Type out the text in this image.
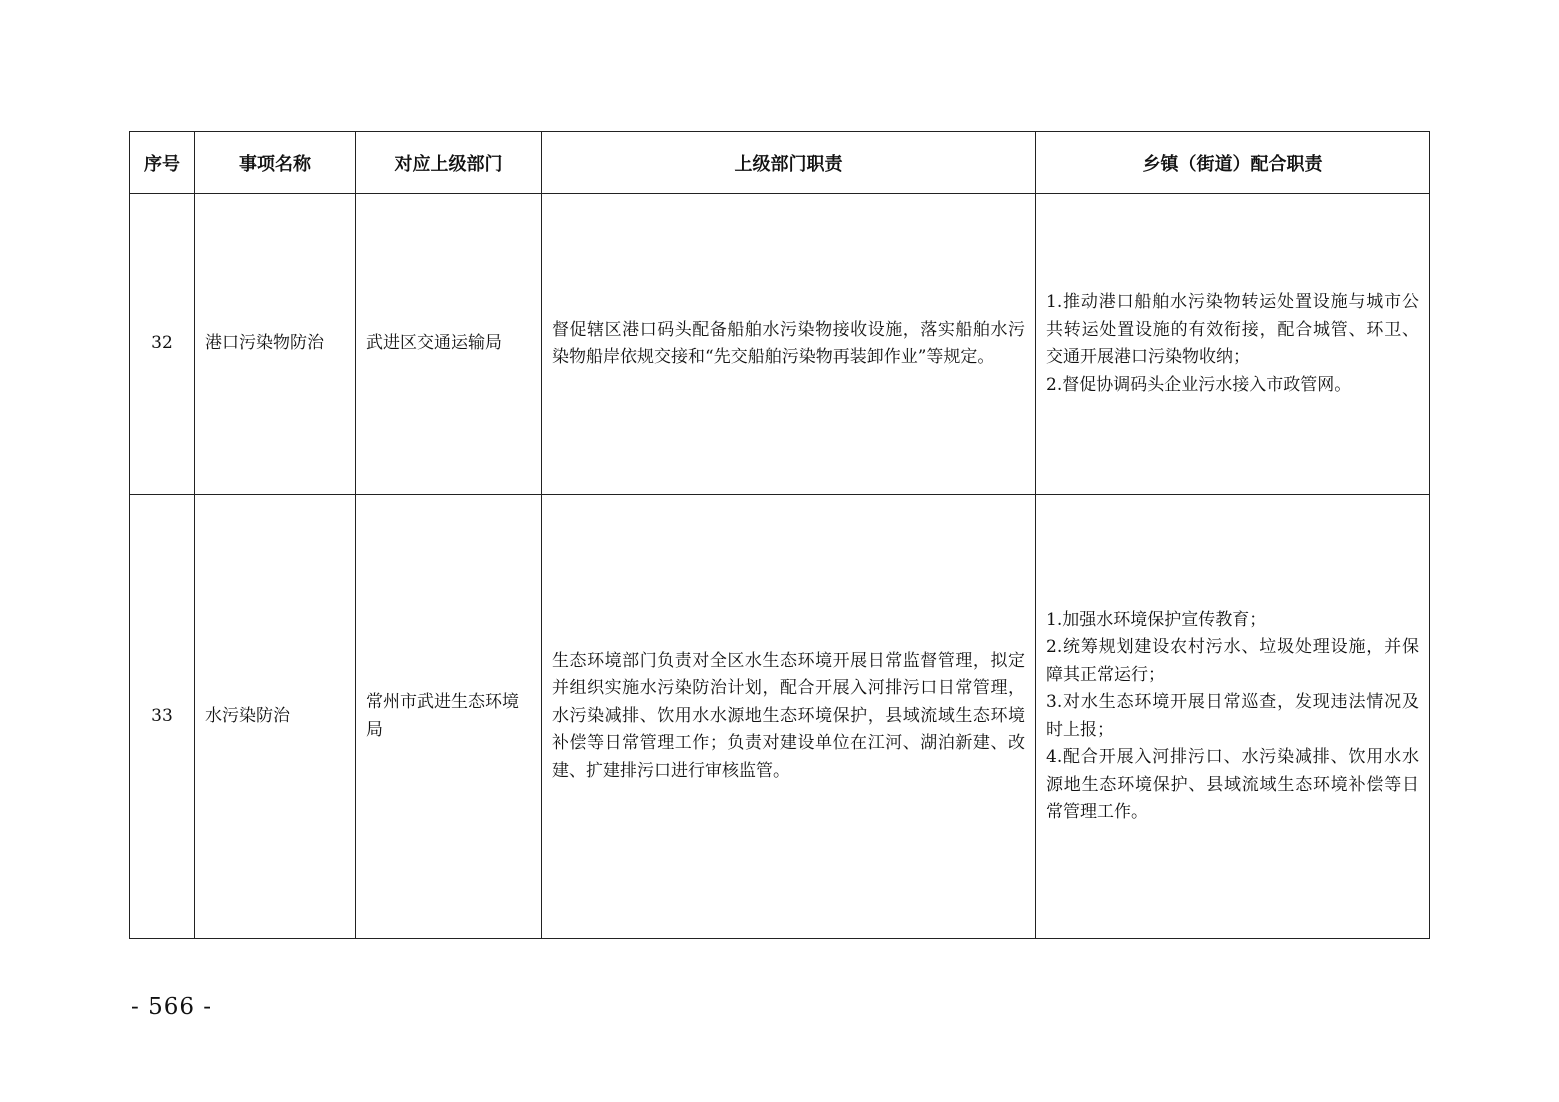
序号	事项名称	对应上级部门	上级部门职责	乡镇（街道）配合职责
32	港口污染物防治	武进区交通运输局	督促辖区港口码头配备船舶水污染物接收设施，落实船舶水污染物船岸依规交接和“先交船舶污染物再装卸作业”等规定。	1.推动港口船舶水污染物转运处置设施与城市公共转运处置设施的有效衔接，配合城管、环卫、交通开展港口污染物收纳；
2.督促协调码头企业污水接入市政管网。

33	水污染防治	常州市武进生态环境局	生态环境部门负责对全区水生态环境开展日常监督管理，拟定并组织实施水污染防治计划，配合开展入河排污口日常管理，水污染减排、饮用水水源地生态环境保护，县域流域生态环境补偿等日常管理工作；负责对建设单位在江河、湖泊新建、改建、扩建排污口进行审核监管。	1.加强水环境保护宣传教育；
2.统筹规划建设农村污水、垃圾处理设施，并保障其正常运行；
3.对水生态环境开展日常巡查，发现违法情况及时上报；
4.配合开展入河排污口、水污染减排、饮用水水源地生态环境保护、县域流域生态环境补偿等日常管理工作。
- 566 -
